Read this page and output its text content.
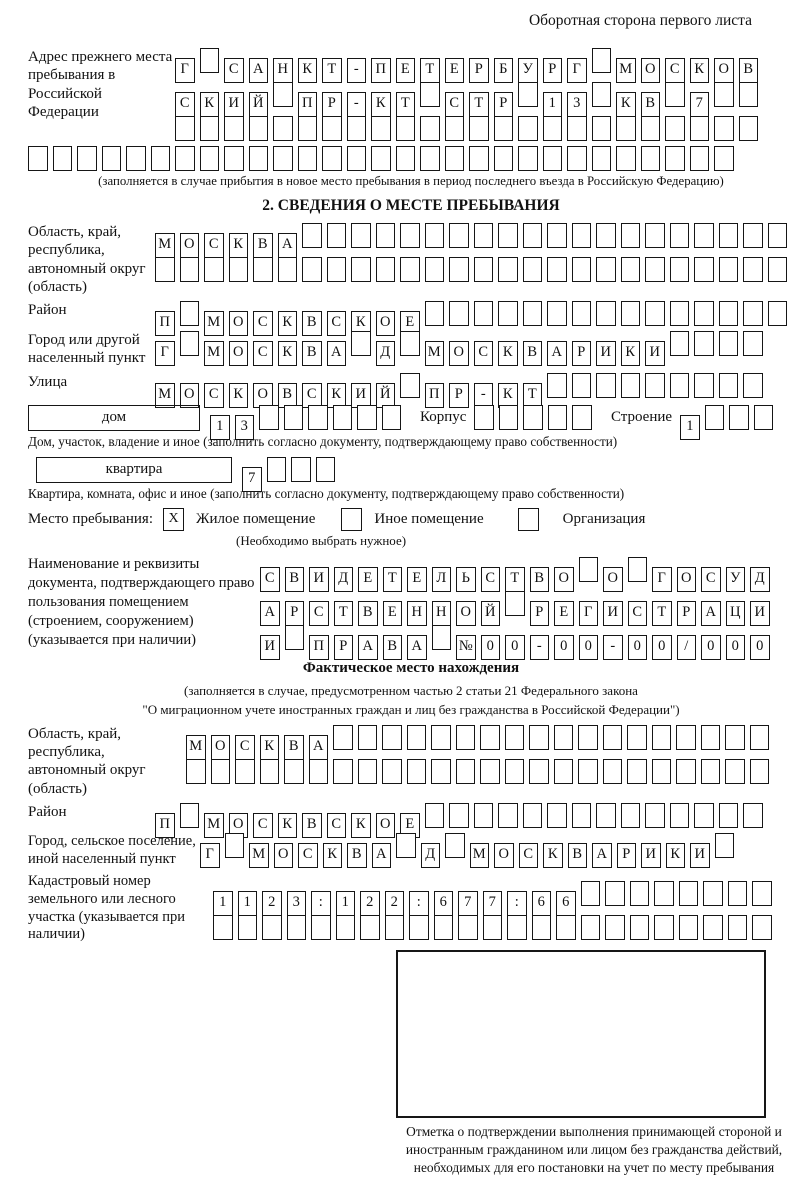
Оборотная сторона первого листа
Адрес прежнего места пребывания в Российской Федерации
Г	С А Н К Т - П Е Т Е Р Б У Р Г	М О С К О В
С К И Й	П Р - К Т	С Т Р	1 3	К В	7
(заполняется в случае прибытия в новое место пребывания в период последнего въезда в Российскую Федерацию)
2. СВЕДЕНИЯ О МЕСТЕ ПРЕБЫВАНИЯ
Область, край, республика, автономный округ (область)
М О С К В А
Район
П	М О С К В С К О Е
Город или другой населенный пункт	Г	М О С К В А	Д	М О С К В А Р И К И
Улица
М О С К О В С К И Й	П Р - К Т
дом
1 3
Корпус	Строение
1
Дом, участок, владение и иное (заполнить согласно документу, подтверждающему право собственности)
квартира
7
Квартира, комната, офис и иное (заполнить согласно документу, подтверждающему право собственности)
Место пребывания:	X	Жилое помещение	Иное помещение	Организация
(Необходимо выбрать нужное)
Наименование и реквизиты документа, подтверждающего право пользования помещением (строением, сооружением) (указывается при наличии)
С В И Д Е Т Е Л Ь С Т В О	О	Г О С У Д
А Р С Т В Е Н Н О Й	Р Е Г И С Т Р А Ц И
И	П Р А В А	№ 0 0 - 0 0 - 0 0 / 0 0 0
Фактическое место нахождения
(заполняется в случае, предусмотренном частью 2 статьи 21 Федерального закона
"О миграционном учете иностранных граждан и лиц без гражданства в Российской Федерации")
Область, край, республика, автономный округ (область)
М О С К В А
Район
П	М О С К В С К О Е
Город, сельское поселение, иной населенный пункт	Г	М О С К В А	Д	М О С К В А Р И К И
Кадастровый номер земельного или лесного участка (указывается при наличии)
1 1 2 3 : 1 2 2 : 6 7 7 : 6 6
Отметка о подтверждении выполнения принимающей стороной и иностранным гражданином или лицом без гражданства действий, необходимых для его постановки на учет по месту пребывания
